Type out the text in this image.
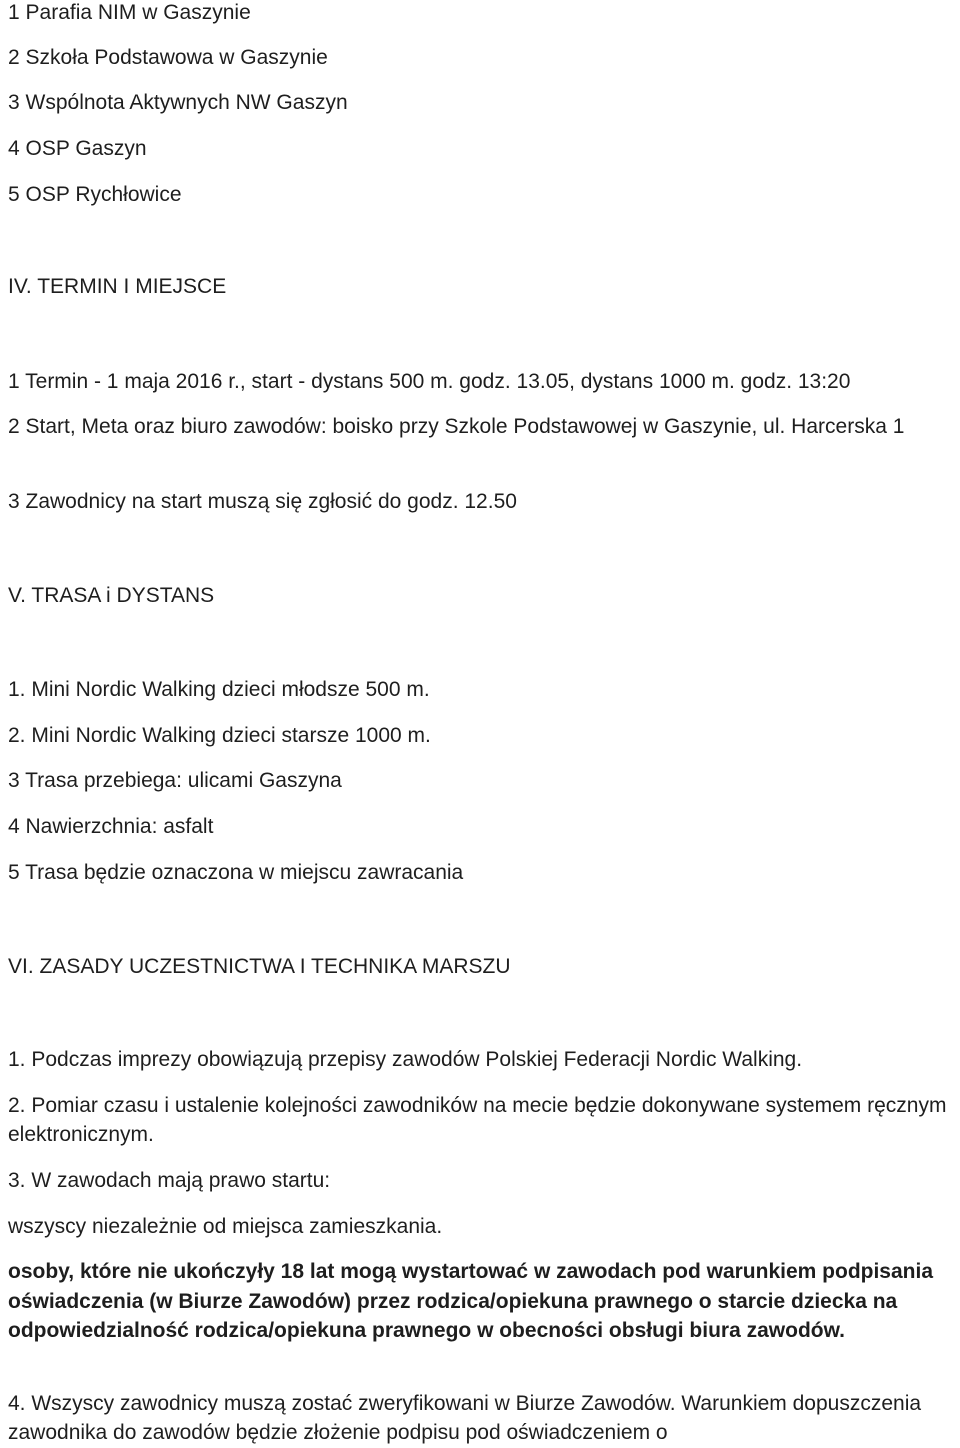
1 Parafia NIM w Gaszynie

2 Szkoła Podstawowa w Gaszynie

3 Wspólnota Aktywnych NW Gaszyn

4 OSP Gaszyn

5 OSP Rychłowice

IV. TERMIN I MIEJSCE

1 Termin - 1 maja 2016 r., start - dystans 500 m. godz. 13.05, dystans 1000 m. godz. 13:20

2 Start, Meta oraz biuro zawodów: boisko przy Szkole Podstawowej w Gaszynie, ul. Harcerska 1

3 Zawodnicy na start muszą się zgłosić do godz. 12.50

V. TRASA i DYSTANS

1. Mini Nordic Walking dzieci młodsze 500 m.

2. Mini Nordic Walking dzieci starsze 1000 m.

3 Trasa przebiega: ulicami Gaszyna

4 Nawierzchnia: asfalt

5 Trasa będzie oznaczona w miejscu zawracania

VI. ZASADY UCZESTNICTWA I TECHNIKA MARSZU

1. Podczas imprezy obowiązują przepisy zawodów Polskiej Federacji Nordic Walking.

2. Pomiar czasu i ustalenie kolejności zawodników na mecie będzie dokonywane systemem ręcznym elektronicznym.

3. W zawodach mają prawo startu:

wszyscy niezależnie od miejsca zamieszkania.

osoby, które nie ukończyły 18 lat mogą wystartować w zawodach pod warunkiem podpisania oświadczenia (w Biurze Zawodów) przez rodzica/opiekuna prawnego o starcie dziecka na odpowiedzialność rodzica/opiekuna prawnego w obecności obsługi biura zawodów.

4. Wszyscy zawodnicy muszą zostać zweryfikowani w Biurze Zawodów. Warunkiem dopuszczenia zawodnika do zawodów będzie złożenie podpisu pod oświadczeniem o
